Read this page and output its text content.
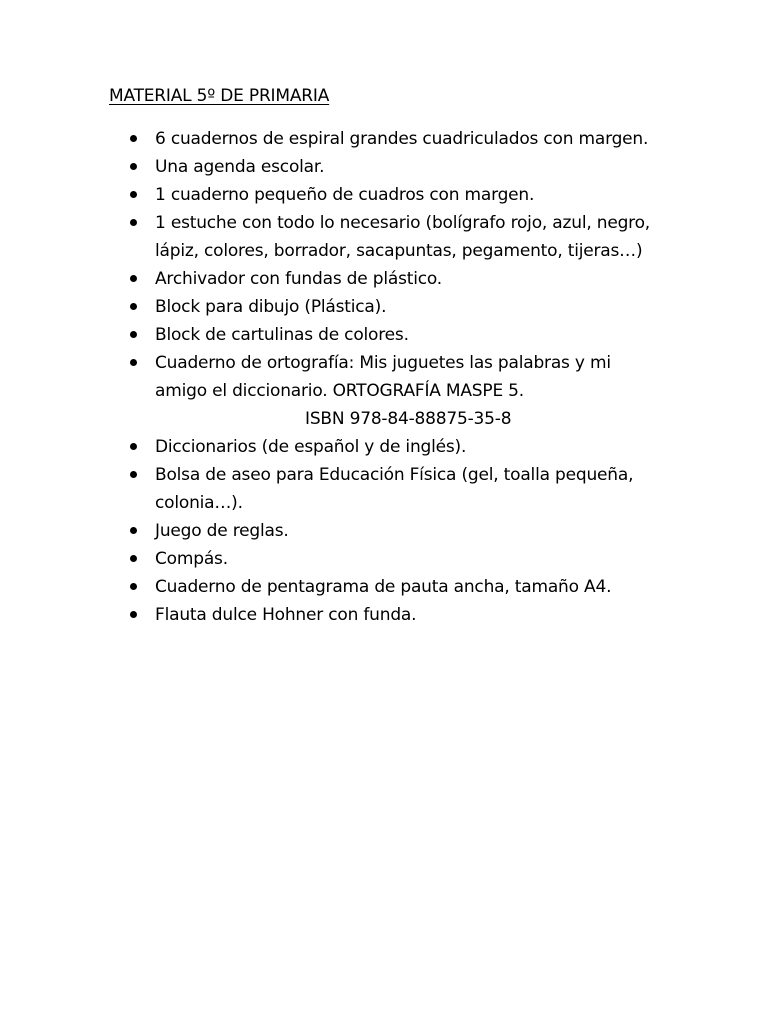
MATERIAL 5º DE PRIMARIA
6 cuadernos de espiral grandes cuadriculados con margen.
Una agenda escolar.
1 cuaderno pequeño de cuadros con margen.
1 estuche con todo lo necesario (bolígrafo rojo, azul, negro,
lápiz, colores, borrador, sacapuntas, pegamento, tijeras…)
Archivador con fundas de plástico.
Block para dibujo (Plástica).
Block de cartulinas de colores.
Cuaderno de ortografía: Mis juguetes las palabras y mi
amigo el diccionario. ORTOGRAFÍA MASPE 5.
ISBN 978-84-88875-35-8
Diccionarios (de español y de inglés).
Bolsa de aseo para Educación Física (gel, toalla pequeña,
colonia…).
Juego de reglas.
Compás.
Cuaderno de pentagrama de pauta ancha, tamaño A4.
Flauta dulce Hohner con funda.
